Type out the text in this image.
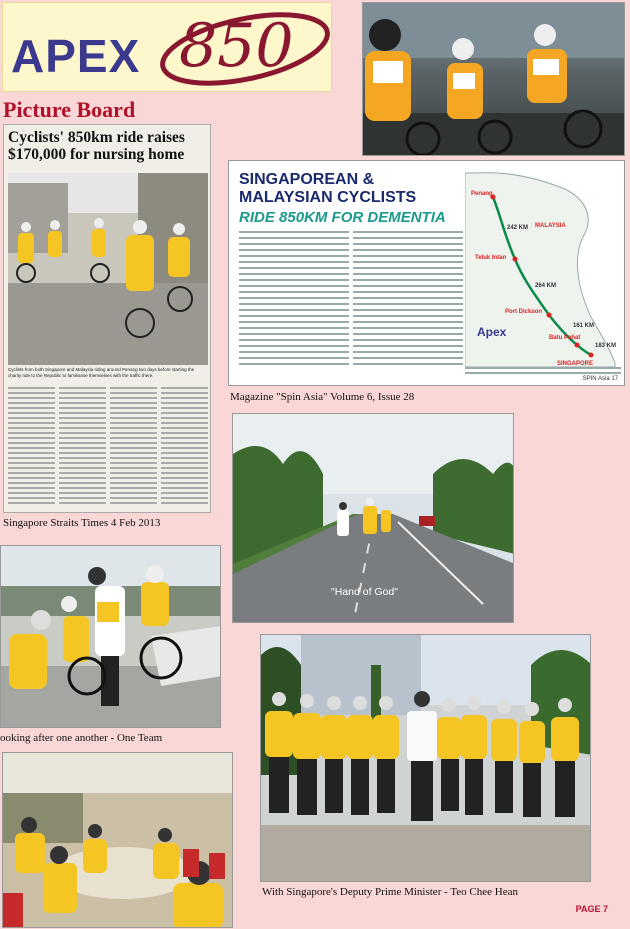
APEX 850
Picture Board
Cyclists' 850km ride raises $170,000 for nursing home
Cyclists from both Singapore and Malaysia riding around Penang two days before starting the charity ride to the Republic to familiarise themselves with the traffic there.
Singapore Straits Times 4 Feb 2013
SINGAPOREAN &
MALAYSIAN CYCLISTS
RIDE 850KM FOR DEMENTIA
Penang
MALAYSIA
Teluk Intan
Port Dickson
Batu Pahat
SINGAPORE
242 KM
264 KM
161 KM
183 KM
Apex
SPIN Asia 17
Magazine "Spin Asia" Volume 6, Issue 28
"Hand of God"
ooking after one another - One Team
With Singapore's Deputy Prime Minister - Teo Chee Hean
PAGE 7
